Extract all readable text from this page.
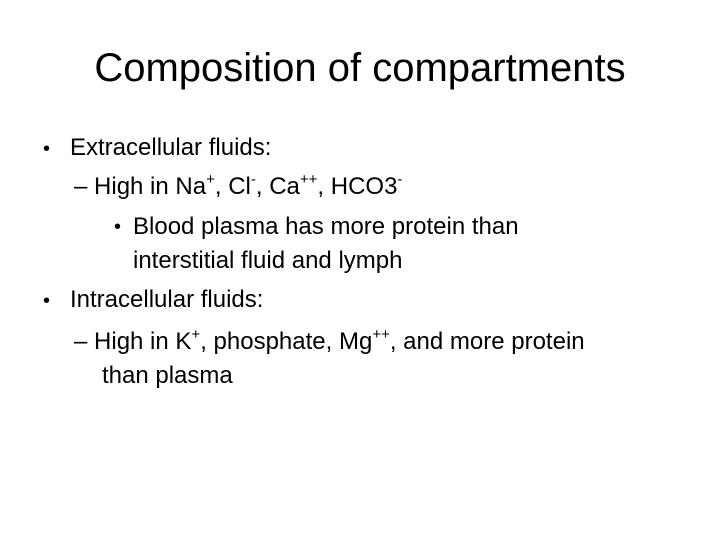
Composition of compartments
• Extracellular fluids:
– High in Na+, Cl-, Ca++, HCO3-
• Blood plasma has more protein than
interstitial fluid and lymph
• Intracellular fluids:
– High in K+, phosphate, Mg++, and more protein
than plasma
